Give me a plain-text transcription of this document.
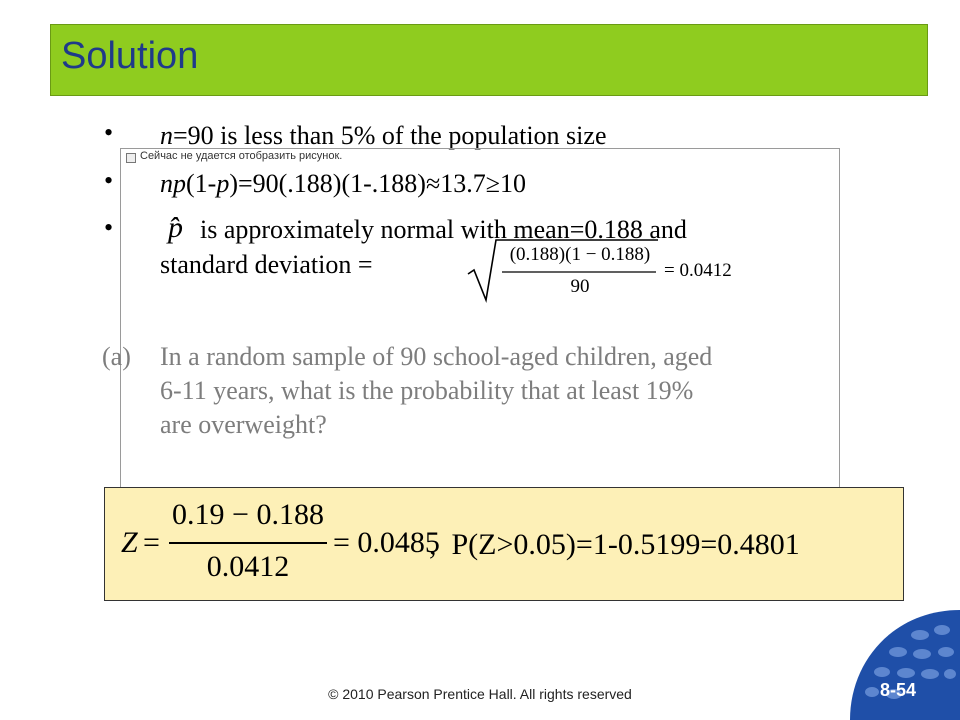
Solution
• n=90 is less than 5% of the population size
• np(1-p)=90(.188)(1-.188)≈13.7≥10
• p̂ is approximately normal with mean=0.188 and
standard deviation =	(0.188)(1 − 0.188)
90
= 0.0412
Сейчас не удается отобразить рисунок.
(a) In a random sample of 90 school-aged children, aged
6-11 years, what is the probability that at least 19%
are overweight?
Z =
0.19 − 0.188
0.0412
= 0.0485
,  P(Z>0.05)=1-0.5199=0.4801
8-54
© 2010 Pearson Prentice Hall. All rights reserved
